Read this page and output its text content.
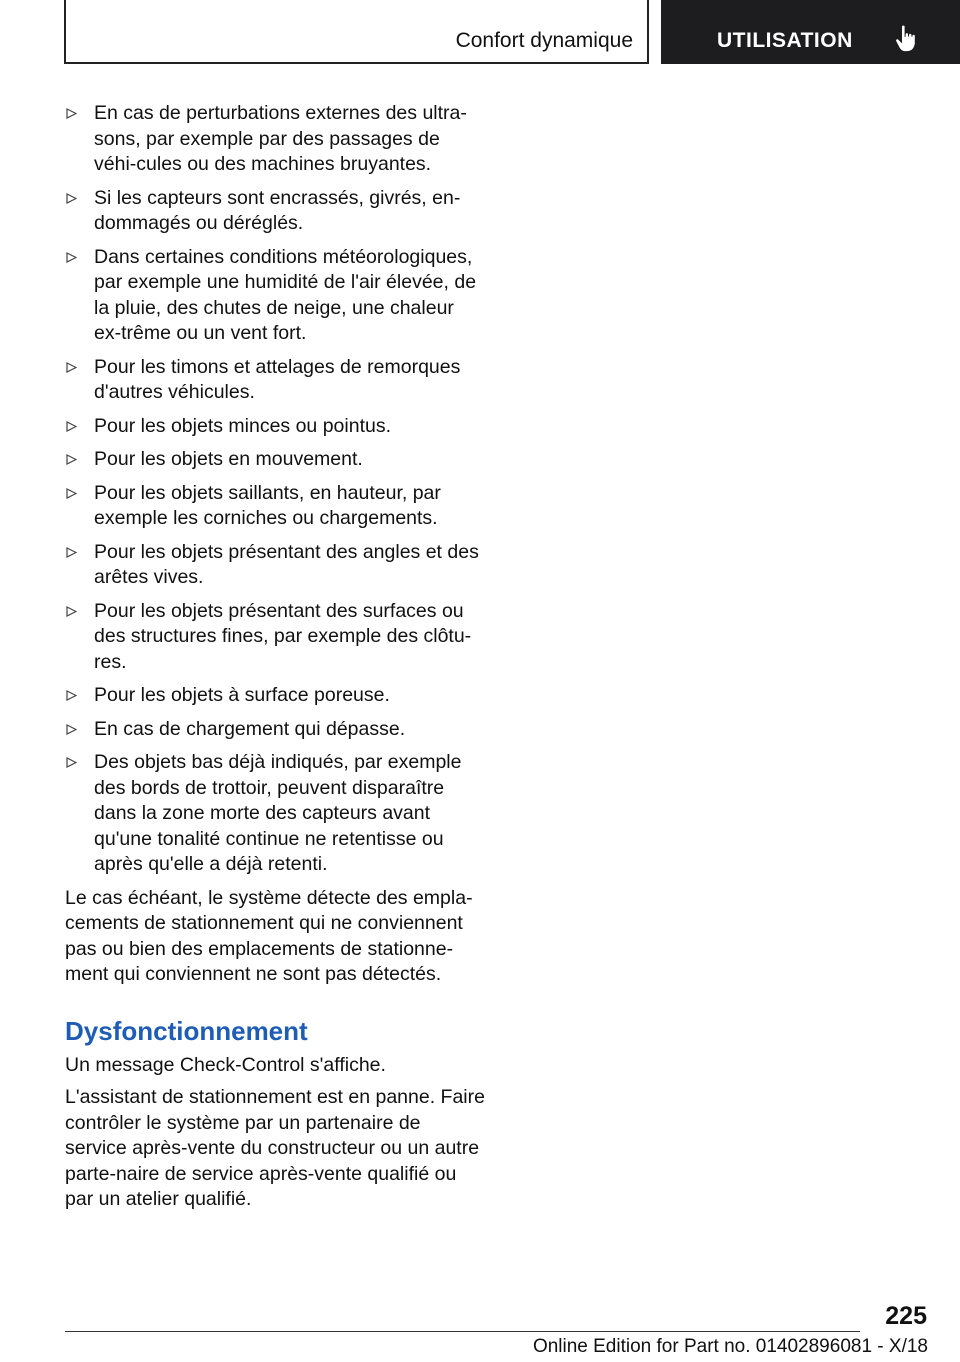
Confort dynamique	UTILISATION
En cas de perturbations externes des ultra-sons, par exemple par des passages de véhi-cules ou des machines bruyantes.
Si les capteurs sont encrassés, givrés, en-dommagés ou déréglés.
Dans certaines conditions météorologiques, par exemple une humidité de l'air élevée, de la pluie, des chutes de neige, une chaleur ex-trême ou un vent fort.
Pour les timons et attelages de remorques d'autres véhicules.
Pour les objets minces ou pointus.
Pour les objets en mouvement.
Pour les objets saillants, en hauteur, par exemple les corniches ou chargements.
Pour les objets présentant des angles et des arêtes vives.
Pour les objets présentant des surfaces ou des structures fines, par exemple des clôtu-res.
Pour les objets à surface poreuse.
En cas de chargement qui dépasse.
Des objets bas déjà indiqués, par exemple des bords de trottoir, peuvent disparaître dans la zone morte des capteurs avant qu'une tonalité continue ne retentisse ou après qu'elle a déjà retenti.

Le cas échéant, le système détecte des empla-cements de stationnement qui ne conviennent pas ou bien des emplacements de stationne-ment qui conviennent ne sont pas détectés.

Dysfonctionnement

Un message Check-Control s'affiche.

L'assistant de stationnement est en panne. Faire contrôler le système par un partenaire de service après-vente du constructeur ou un autre parte-naire de service après-vente qualifié ou par un atelier qualifié.

225
Online Edition for Part no. 01402896081 - X/18
